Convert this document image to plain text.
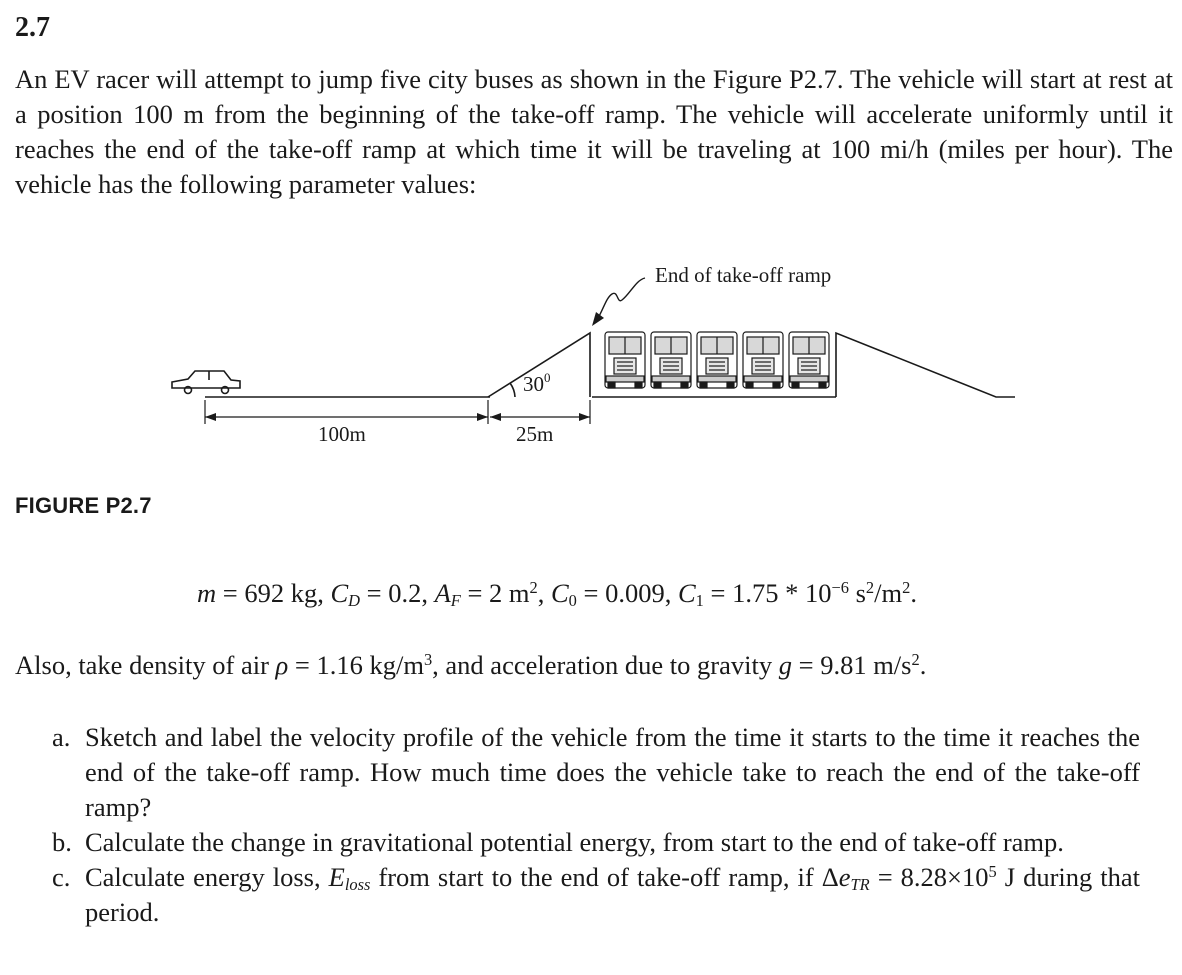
2.7

An EV racer will attempt to jump five city buses as shown in the Figure P2.7. The vehicle will start at rest at a position 100 m from the beginning of the take-off ramp. The vehicle will accelerate uniformly until it reaches the end of the take-off ramp at which time it will be traveling at 100 mi/h (miles per hour). The vehicle has the following parameter values:

End of take-off ramp
$30^0$
100m	25m
FIGURE P2.7
m = 692 kg, $C_D = 0.2$, $A_F = 2$ $m^2$, $C_0 = 0.009$, $C_1 = 1.75 * 10^{-6}$ $s^2/m^2$.
Also, take density of air ρ = 1.16 $kg/m^3$, and acceleration due to gravity g = 9.81 $m/s^2$.
a. Sketch and label the velocity profile of the vehicle from the time it starts to the time it reaches the end of the take-off ramp. How much time does the vehicle take to reach the end of the take-off ramp?
b. Calculate the change in gravitational potential energy, from start to the end of take-off ramp.
c. Calculate energy loss, $E_{loss}$ from start to the end of take-off ramp, if $\Delta e_{TR} = 8.28\times 10^5$ J during that period.
